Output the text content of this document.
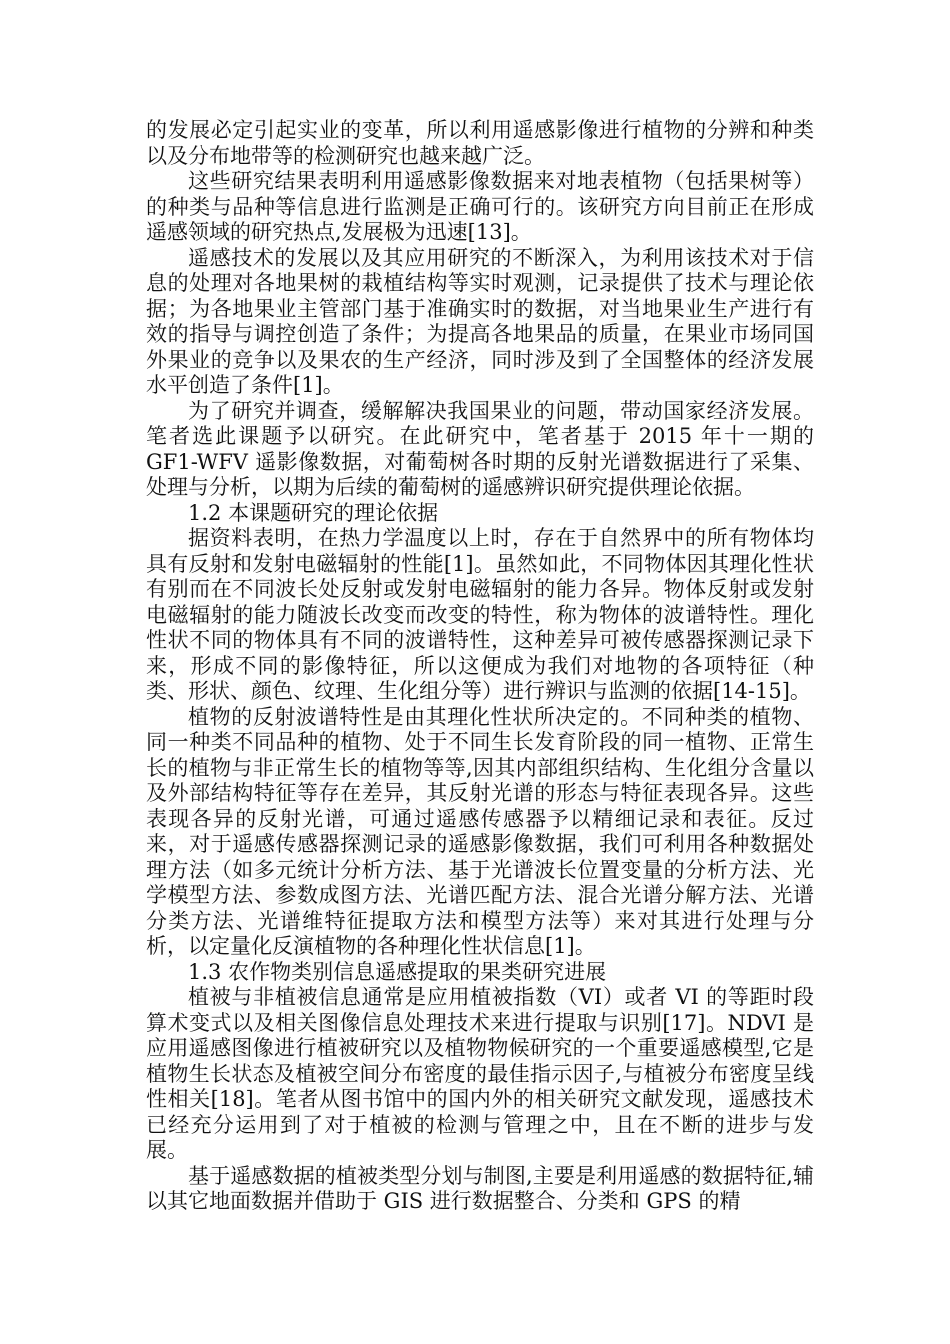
的发展必定引起实业的变革，所以利用遥感影像进行植物的分辨和种类以及分布地带等的检测研究也越来越广泛。

这些研究结果表明利用遥感影像数据来对地表植物（包括果树等）的种类与品种等信息进行监测是正确可行的。该研究方向目前正在形成遥感领域的研究热点,发展极为迅速[13]。

遥感技术的发展以及其应用研究的不断深入，为利用该技术对于信息的处理对各地果树的栽植结构等实时观测，记录提供了技术与理论依据；为各地果业主管部门基于准确实时的数据，对当地果业生产进行有效的指导与调控创造了条件；为提高各地果品的质量，在果业市场同国外果业的竞争以及果农的生产经济，同时涉及到了全国整体的经济发展水平创造了条件[1]。

为了研究并调查，缓解解决我国果业的问题，带动国家经济发展。笔者选此课题予以研究。在此研究中，笔者基于 2015 年十一期的 GF1-WFV 遥影像数据，对葡萄树各时期的反射光谱数据进行了采集、处理与分析，以期为后续的葡萄树的遥感辨识研究提供理论依据。

1.2 本课题研究的理论依据

据资料表明，在热力学温度以上时，存在于自然界中的所有物体均具有反射和发射电磁辐射的性能[1]。虽然如此，不同物体因其理化性状有别而在不同波长处反射或发射电磁辐射的能力各异。物体反射或发射电磁辐射的能力随波长改变而改变的特性，称为物体的波谱特性。理化性状不同的物体具有不同的波谱特性，这种差异可被传感器探测记录下来，形成不同的影像特征，所以这便成为我们对地物的各项特征（种类、形状、颜色、纹理、生化组分等）进行辨识与监测的依据[14-15]。

植物的反射波谱特性是由其理化性状所决定的。不同种类的植物、同一种类不同品种的植物、处于不同生长发育阶段的同一植物、正常生长的植物与非正常生长的植物等等,因其内部组织结构、生化组分含量以及外部结构特征等存在差异，其反射光谱的形态与特征表现各异。这些表现各异的反射光谱，可通过遥感传感器予以精细记录和表征。反过来，对于遥感传感器探测记录的遥感影像数据，我们可利用各种数据处理方法（如多元统计分析方法、基于光谱波长位置变量的分析方法、光学模型方法、参数成图方法、光谱匹配方法、混合光谱分解方法、光谱分类方法、光谱维特征提取方法和模型方法等）来对其进行处理与分析，以定量化反演植物的各种理化性状信息[1]。

1.3 农作物类别信息遥感提取的果类研究进展

植被与非植被信息通常是应用植被指数（VI）或者 VI 的等距时段算术变式以及相关图像信息处理技术来进行提取与识别[17]。NDVI 是应用遥感图像进行植被研究以及植物物候研究的一个重要遥感模型,它是植物生长状态及植被空间分布密度的最佳指示因子,与植被分布密度呈线性相关[18]。笔者从图书馆中的国内外的相关研究文献发现，遥感技术已经充分运用到了对于植被的检测与管理之中，且在不断的进步与发展。

基于遥感数据的植被类型分划与制图,主要是利用遥感的数据特征,辅以其它地面数据并借助于 GIS 进行数据整合、分类和 GPS 的精
